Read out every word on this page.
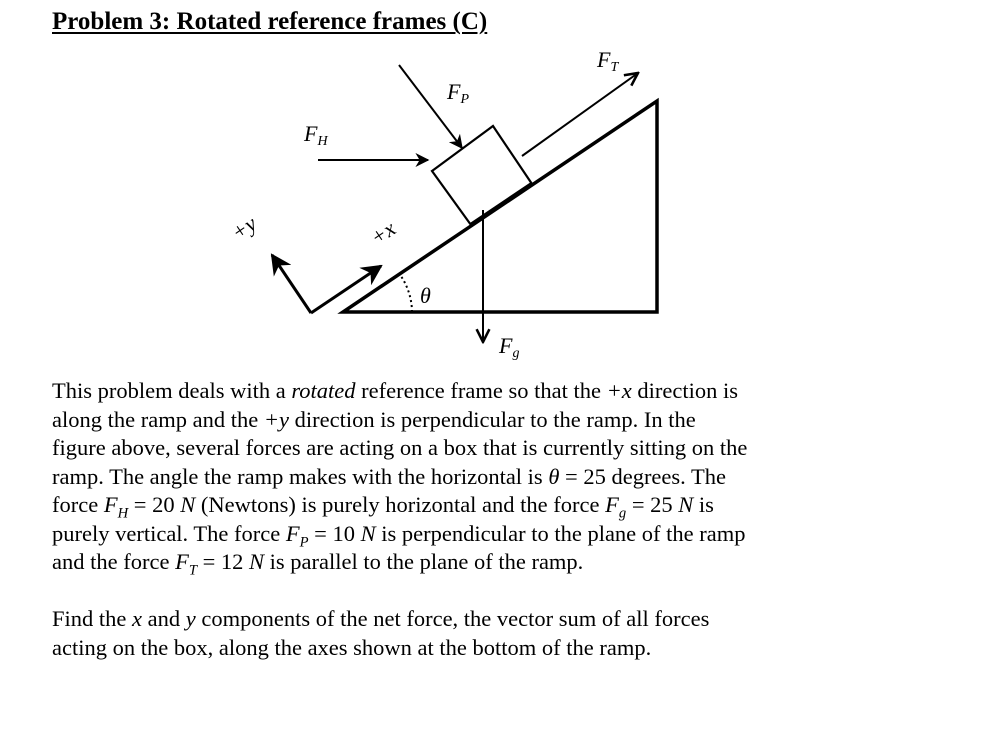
Problem 3: Rotated reference frames (C)
FT
FP
FH
Fg
+x
+y
θ

This problem deals with a rotated reference frame so that the +x direction is
along the ramp and the +y direction is perpendicular to the ramp. In the
figure above, several forces are acting on a box that is currently sitting on the
ramp. The angle the ramp makes with the horizontal is θ = 25 degrees. The
force $F_H = 20$ N (Newtons) is purely horizontal and the force $F_g = 25$ N is
purely vertical. The force $F_P = 10$ N is perpendicular to the plane of the ramp
and the force $F_T = 12$ N is parallel to the plane of the ramp.

Find the x and y components of the net force, the vector sum of all forces
acting on the box, along the axes shown at the bottom of the ramp.
